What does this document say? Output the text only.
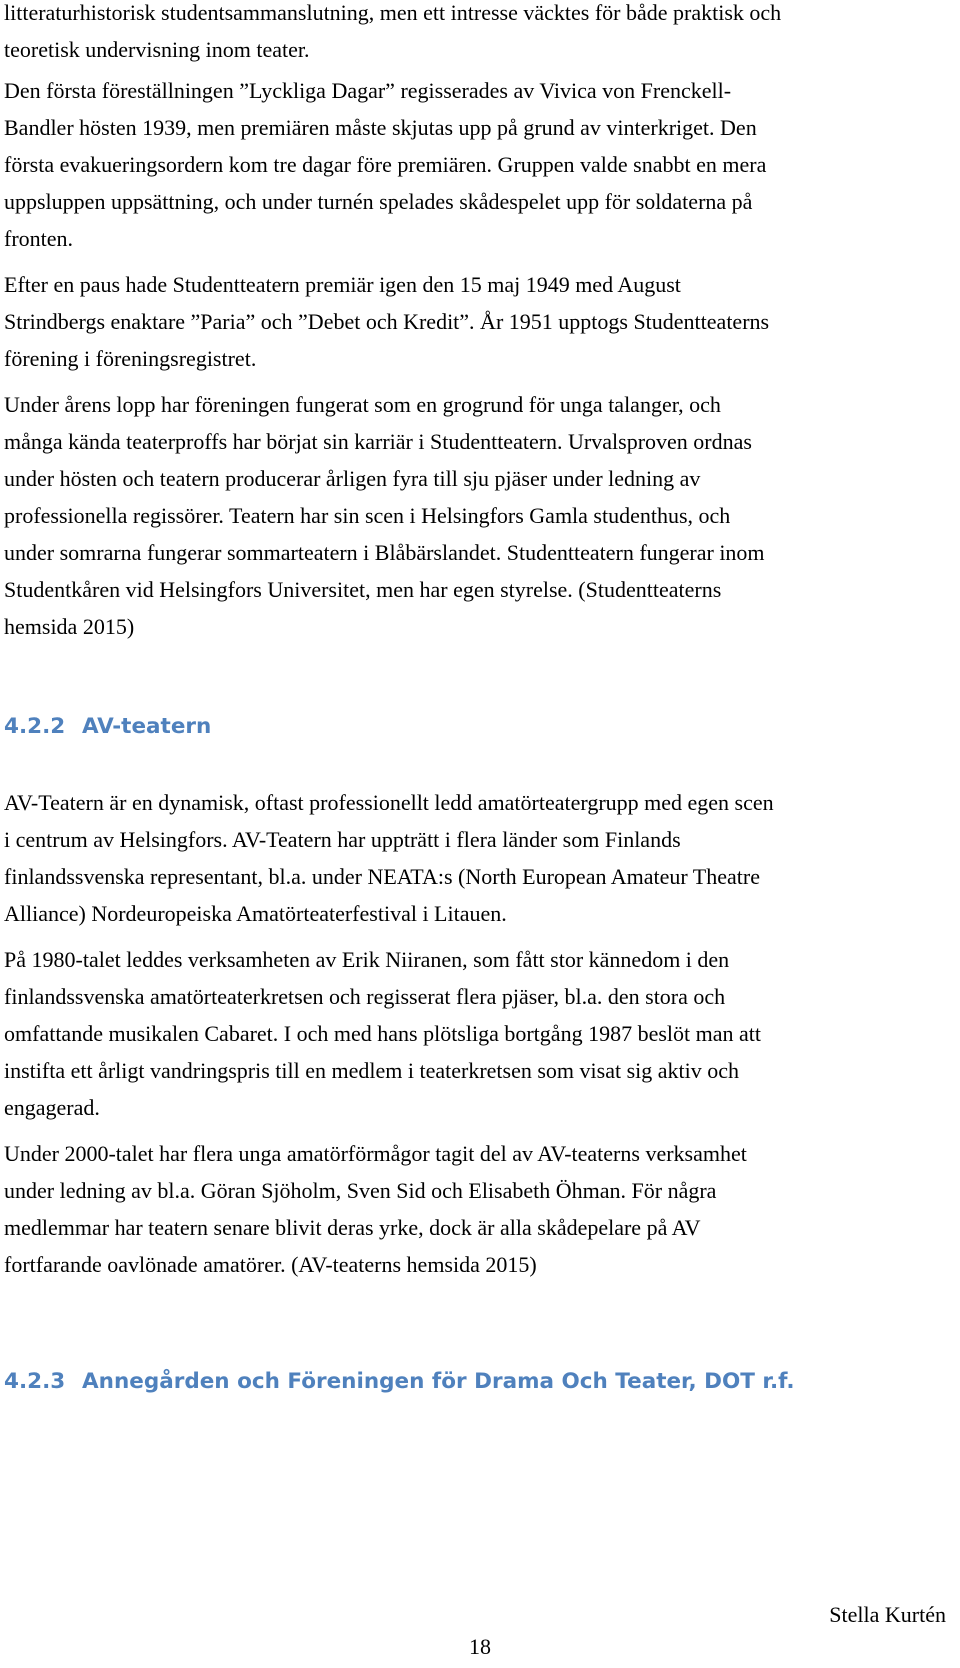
litteraturhistorisk studentsammanslutning, men ett intresse väcktes för både praktisk och
teoretisk undervisning inom teater.

Den första föreställningen ”Lyckliga Dagar” regisserades av Vivica von Frenckell-
Bandler hösten 1939, men premiären måste skjutas upp på grund av vinterkriget. Den
första evakueringsordern kom tre dagar före premiären. Gruppen valde snabbt en mera
uppsluppen uppsättning, och under turnén spelades skådespelet upp för soldaterna på
fronten.

Efter en paus hade Studentteatern premiär igen den 15 maj 1949 med August
Strindbergs enaktare ”Paria” och ”Debet och Kredit”. År 1951 upptogs Studentteaterns
förening i föreningsregistret.

Under årens lopp har föreningen fungerat som en grogrund för unga talanger, och
många kända teaterproffs har börjat sin karriär i Studentteatern. Urvalsproven ordnas
under hösten och teatern producerar årligen fyra till sju pjäser under ledning av
professionella regissörer. Teatern har sin scen i Helsingfors Gamla studenthus, och
under somrarna fungerar sommarteatern i Blåbärslandet. Studentteatern fungerar inom
Studentkåren vid Helsingfors Universitet, men har egen styrelse. (Studentteaterns
hemsida 2015)

4.2.2 AV-teatern

AV-Teatern är en dynamisk, oftast professionellt ledd amatörteatergrupp med egen scen
i centrum av Helsingfors. AV-Teatern har uppträtt i flera länder som Finlands
finlandssvenska representant, bl.a. under NEATA:s (North European Amateur Theatre
Alliance) Nordeuropeiska Amatörteaterfestival i Litauen.

På 1980-talet leddes verksamheten av Erik Niiranen, som fått stor kännedom i den
finlandssvenska amatörteaterkretsen och regisserat flera pjäser, bl.a. den stora och
omfattande musikalen Cabaret. I och med hans plötsliga bortgång 1987 beslöt man att
instifta ett årligt vandringspris till en medlem i teaterkretsen som visat sig aktiv och
engagerad.

Under 2000-talet har flera unga amatörförmågor tagit del av AV-teaterns verksamhet
under ledning av bl.a. Göran Sjöholm, Sven Sid och Elisabeth Öhman. För några
medlemmar har teatern senare blivit deras yrke, dock är alla skådepelare på AV
fortfarande oavlönade amatörer. (AV-teaterns hemsida 2015)

4.2.3 Annegården och Föreningen för Drama Och Teater, DOT r.f.
Stella Kurtén
18
